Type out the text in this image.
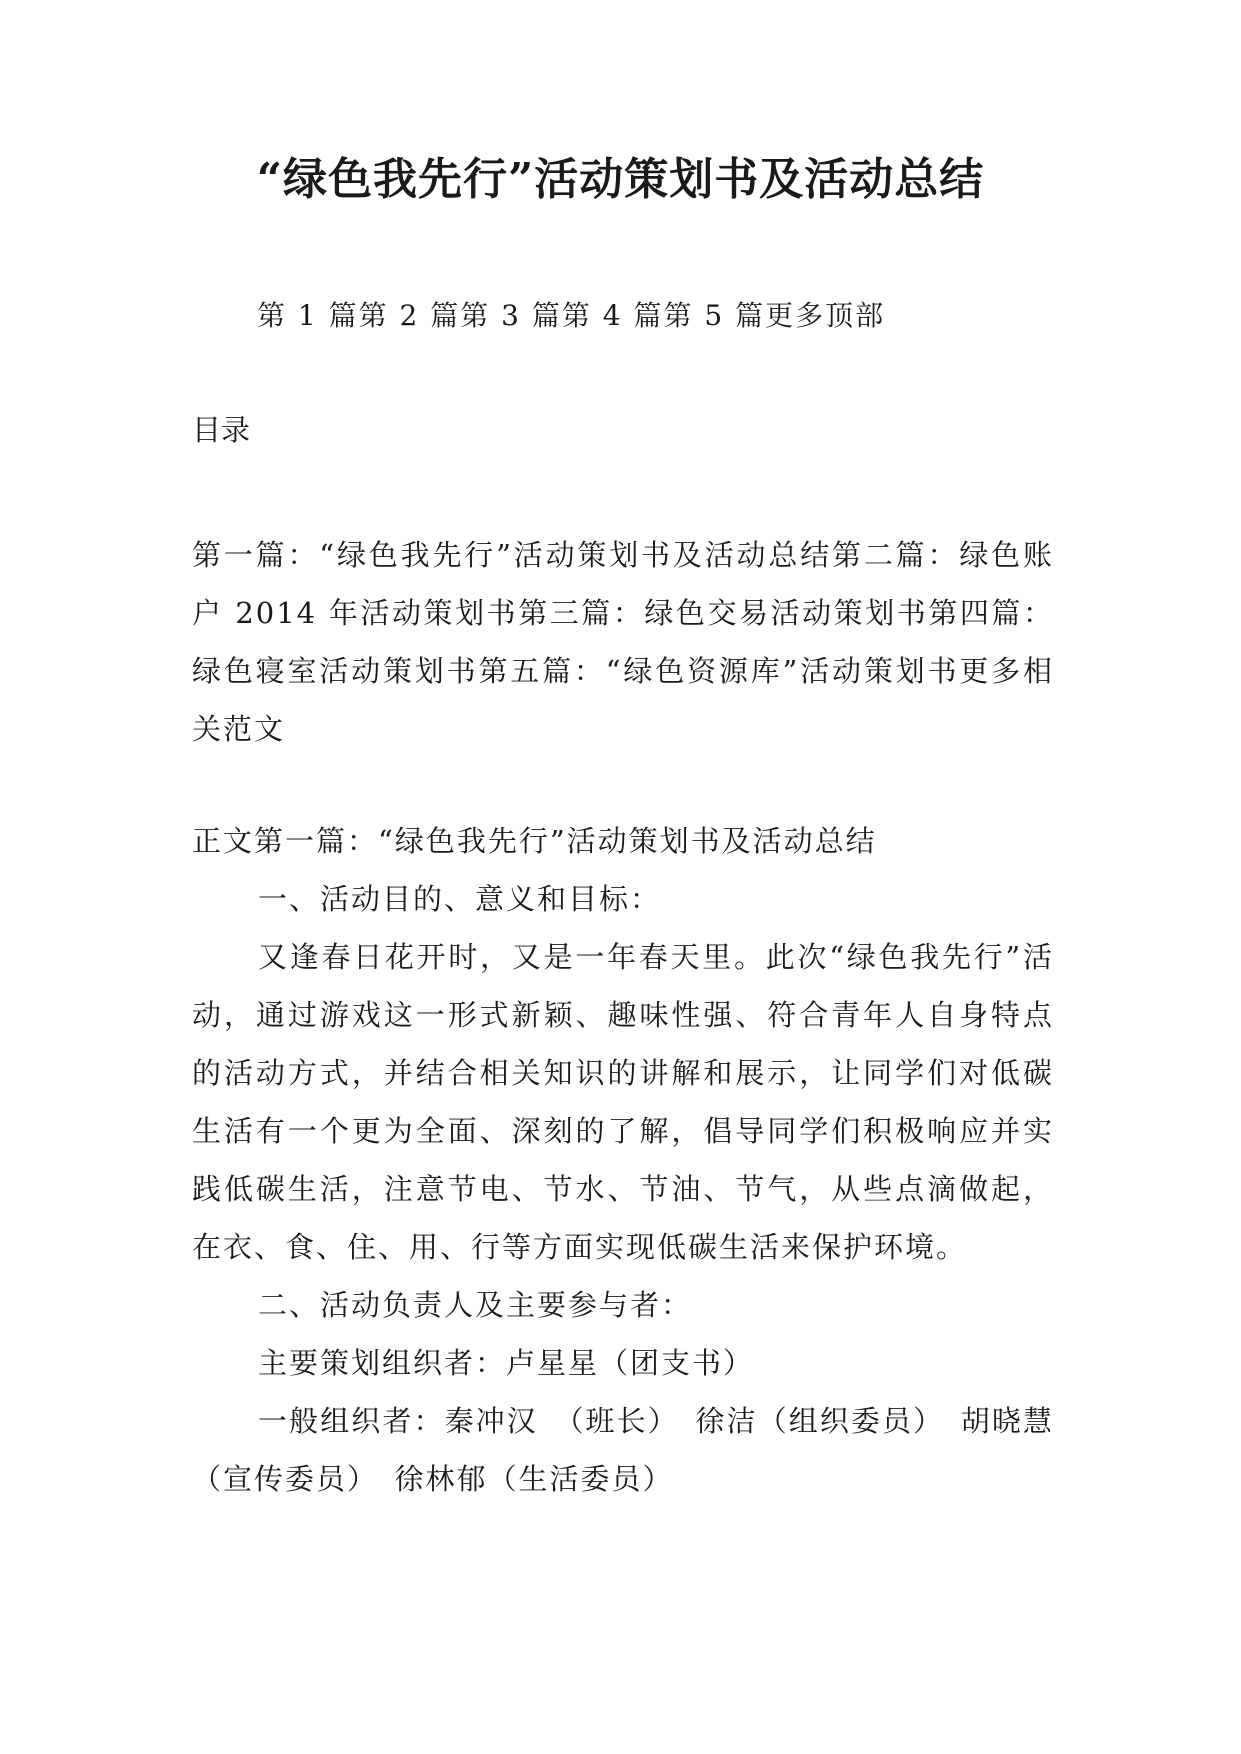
“绿色我先行”活动策划书及活动总结
第 1 篇第 2 篇第 3 篇第 4 篇第 5 篇更多顶部
目录
第一篇：“绿色我先行”活动策划书及活动总结第二篇：绿色账户 2014 年活动策划书第三篇：绿色交易活动策划书第四篇：绿色寝室活动策划书第五篇：“绿色资源库”活动策划书更多相关范文

正文第一篇：“绿色我先行”活动策划书及活动总结

一、活动目的、意义和目标：

又逢春日花开时，又是一年春天里。此次“绿色我先行”活动，通过游戏这一形式新颖、趣味性强、符合青年人自身特点的活动方式，并结合相关知识的讲解和展示，让同学们对低碳生活有一个更为全面、深刻的了解，倡导同学们积极响应并实践低碳生活，注意节电、节水、节油、节气，从些点滴做起，在衣、食、住、用、行等方面实现低碳生活来保护环境。

二、活动负责人及主要参与者：

主要策划组织者：卢星星（团支书）

一般组织者：秦冲汉　（班长）　徐洁（组织委员）　胡晓慧（宣传委员）　徐林郁（生活委员）
